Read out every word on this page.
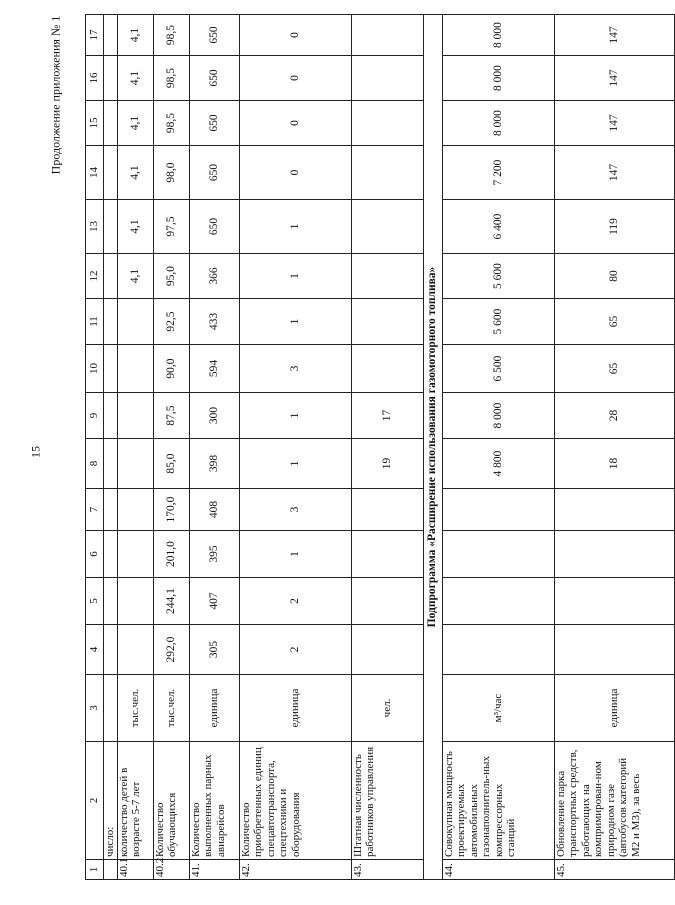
15
Продолжение приложения № 1
1	2	3	4	5	6	7	8	9	10	11	12	13	14	15	16	17
	число:															
40.1	количество детей в возрасте 5-7 лет	тыс.чел.									4,1	4,1	4,1	4,1	4,1	4,1
40.2	Количество обучающихся	тыс.чел.	292,0	244,1	201,0	170,0	85,0	87,5	90,0	92,5	95,0	97,5	98,0	98,5	98,5	98,5
41.	Количество выполненных парных авиарейсов	единица	305	407	395	408	398	300	594	433	366	650	650	650	650	650
42.	Количество приобретенных единиц спецавтотранспорта, спецтехники и оборудования	единица	2	2	1	3	1	1	3	1	1	1	0	0	0	0
43.	Штатная численность работников управления	чел.					19	17								
Подпрограмма «Расширение использования газомоторного топлива»																
44.	Совокупная мощность проектируемых автомобильных газонаполнитель-ных компрессорных станций	м³/час					4 800	8 000	6 500	5 600	5 600	6 400	7 200	8 000	8 000	8 000
45.	Обновление парка транспортных средств, работающих на компримирован-ном природном газе (автобусов категорий М2 и М3), за весь	единица					18	28	65	65	80	119	147	147	147	147
